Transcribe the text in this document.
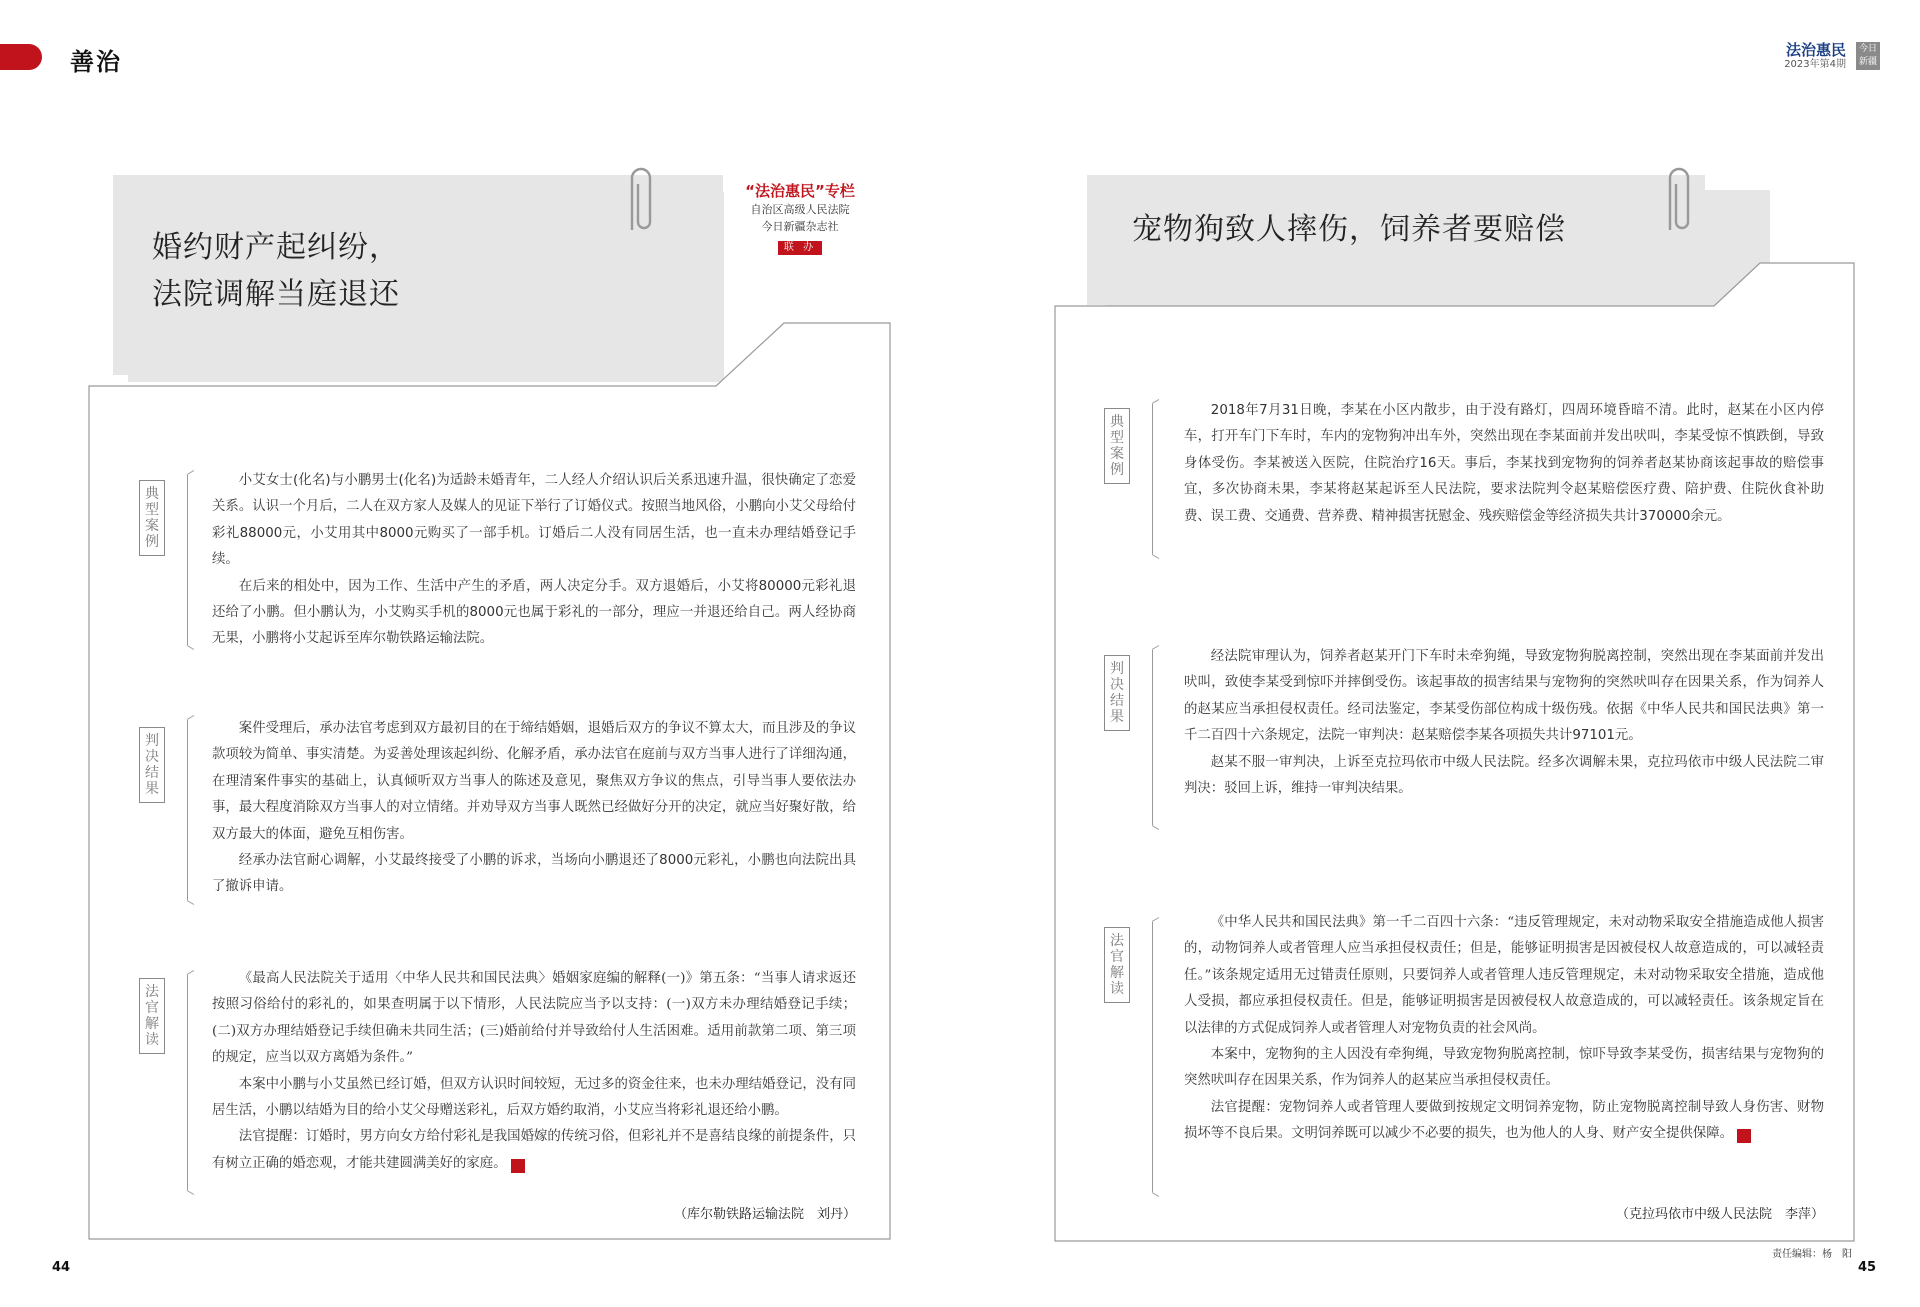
善治	法治惠民
2023年第4期
今日
新疆
“法治惠民”专栏
自治区高级人民法院
今日新疆杂志社
联 办
婚约财产起纠纷，
法院调解当庭退还
典
型
案
例

小艾女士(化名)与小鹏男士(化名)为适龄未婚青年，二人经人介绍认识后关系迅速升温，很快确定了恋爱关系。认识一个月后，二人在双方家人及媒人的见证下举行了订婚仪式。按照当地风俗，小鹏向小艾父母给付彩礼88000元，小艾用其中8000元购买了一部手机。订婚后二人没有同居生活，也一直未办理结婚登记手续。

在后来的相处中，因为工作、生活中产生的矛盾，两人决定分手。双方退婚后，小艾将80000元彩礼退还给了小鹏。但小鹏认为，小艾购买手机的8000元也属于彩礼的一部分，理应一并退还给自己。两人经协商无果，小鹏将小艾起诉至库尔勒铁路运输法院。

判
决
结
果

案件受理后，承办法官考虑到双方最初目的在于缔结婚姻，退婚后双方的争议不算太大，而且涉及的争议款项较为简单、事实清楚。为妥善处理该起纠纷、化解矛盾，承办法官在庭前与双方当事人进行了详细沟通，在理清案件事实的基础上，认真倾听双方当事人的陈述及意见，聚焦双方争议的焦点，引导当事人要依法办事，最大程度消除双方当事人的对立情绪。并劝导双方当事人既然已经做好分开的决定，就应当好聚好散，给双方最大的体面，避免互相伤害。

经承办法官耐心调解，小艾最终接受了小鹏的诉求，当场向小鹏退还了8000元彩礼，小鹏也向法院出具了撤诉申请。

法
官
解
读

《最高人民法院关于适用〈中华人民共和国民法典〉婚姻家庭编的解释(一)》第五条：“当事人请求返还按照习俗给付的彩礼的，如果查明属于以下情形，人民法院应当予以支持：(一)双方未办理结婚登记手续；(二)双方办理结婚登记手续但确未共同生活；(三)婚前给付并导致给付人生活困难。适用前款第二项、第三项的规定，应当以双方离婚为条件。”

本案中小鹏与小艾虽然已经订婚，但双方认识时间较短，无过多的资金往来，也未办理结婚登记，没有同居生活，小鹏以结婚为目的给小艾父母赠送彩礼，后双方婚约取消，小艾应当将彩礼退还给小鹏。

法官提醒：订婚时，男方向女方给付彩礼是我国婚嫁的传统习俗，但彩礼并不是喜结良缘的前提条件，只有树立正确的婚恋观，才能共建圆满美好的家庭。	J

（库尔勒铁路运输法院　刘丹）
44
宠物狗致人摔伤，饲养者要赔偿
典
型
案
例

2018年7月31日晚，李某在小区内散步，由于没有路灯，四周环境昏暗不清。此时，赵某在小区内停车，打开车门下车时，车内的宠物狗冲出车外，突然出现在李某面前并发出吠叫，李某受惊不慎跌倒，导致身体受伤。李某被送入医院，住院治疗16天。事后，李某找到宠物狗的饲养者赵某协商该起事故的赔偿事宜，多次协商未果，李某将赵某起诉至人民法院，要求法院判令赵某赔偿医疗费、陪护费、住院伙食补助费、误工费、交通费、营养费、精神损害抚慰金、残疾赔偿金等经济损失共计370000余元。

判
决
结
果

经法院审理认为，饲养者赵某开门下车时未牵狗绳，导致宠物狗脱离控制，突然出现在李某面前并发出吠叫，致使李某受到惊吓并摔倒受伤。该起事故的损害结果与宠物狗的突然吠叫存在因果关系，作为饲养人的赵某应当承担侵权责任。经司法鉴定，李某受伤部位构成十级伤残。依据《中华人民共和国民法典》第一千二百四十六条规定，法院一审判决：赵某赔偿李某各项损失共计97101元。

赵某不服一审判决，上诉至克拉玛依市中级人民法院。经多次调解未果，克拉玛依市中级人民法院二审判决：驳回上诉，维持一审判决结果。

法
官
解
读

《中华人民共和国民法典》第一千二百四十六条：“违反管理规定，未对动物采取安全措施造成他人损害的，动物饲养人或者管理人应当承担侵权责任；但是，能够证明损害是因被侵权人故意造成的，可以减轻责任。”该条规定适用无过错责任原则，只要饲养人或者管理人违反管理规定，未对动物采取安全措施，造成他人受损，都应承担侵权责任。但是，能够证明损害是因被侵权人故意造成的，可以减轻责任。该条规定旨在以法律的方式促成饲养人或者管理人对宠物负责的社会风尚。

本案中，宠物狗的主人因没有牵狗绳，导致宠物狗脱离控制，惊吓导致李某受伤，损害结果与宠物狗的突然吠叫存在因果关系，作为饲养人的赵某应当承担侵权责任。

法官提醒：宠物饲养人或者管理人要做到按规定文明饲养宠物，防止宠物脱离控制导致人身伤害、财物损坏等不良后果。文明饲养既可以减少不必要的损失，也为他人的人身、财产安全提供保障。	J

（克拉玛依市中级人民法院　李萍）
责任编辑：杨　阳
45
